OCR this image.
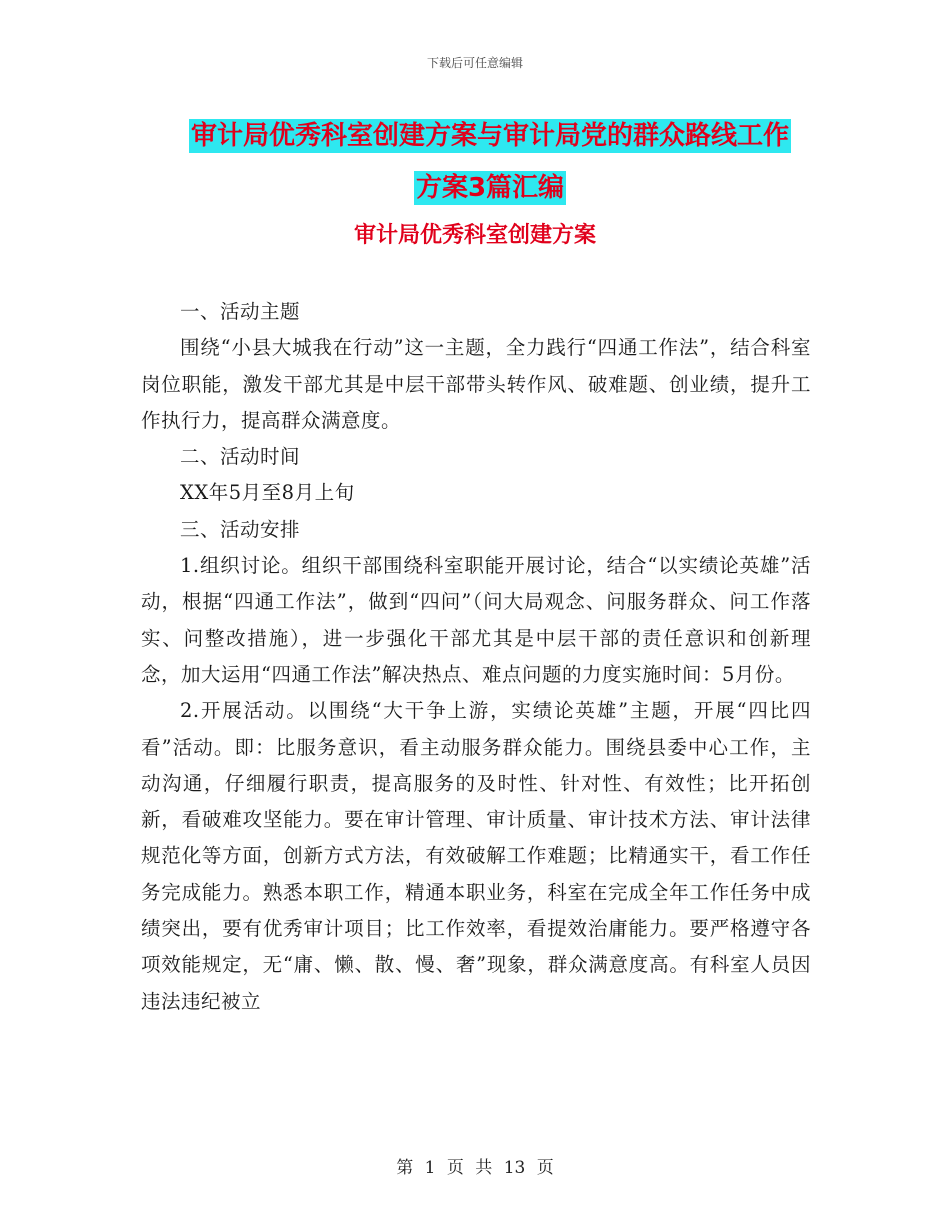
下载后可任意编辑
审计局优秀科室创建方案与审计局党的群众路线工作
方案3篇汇编
审计局优秀科室创建方案

一、活动主题

围绕“小县大城我在行动”这一主题，全力践行“四通工作法”，结合科室岗位职能，激发干部尤其是中层干部带头转作风、破难题、创业绩，提升工作执行力，提高群众满意度。

二、活动时间

XX年5月至8月上旬

三、活动安排

1.组织讨论。组织干部围绕科室职能开展讨论，结合“以实绩论英雄”活动，根据“四通工作法”，做到“四问”（问大局观念、问服务群众、问工作落实、问整改措施），进一步强化干部尤其是中层干部的责任意识和创新理念，加大运用“四通工作法”解决热点、难点问题的力度实施时间：5月份。

2.开展活动。以围绕“大干争上游，实绩论英雄”主题，开展“四比四看”活动。即：比服务意识，看主动服务群众能力。围绕县委中心工作，主动沟通，仔细履行职责，提高服务的及时性、针对性、有效性；比开拓创新，看破难攻坚能力。要在审计管理、审计质量、审计技术方法、审计法律规范化等方面，创新方式方法，有效破解工作难题；比精通实干，看工作任务完成能力。熟悉本职工作，精通本职业务，科室在完成全年工作任务中成绩突出，要有优秀审计项目；比工作效率，看提效治庸能力。要严格遵守各项效能规定，无“庸、懒、散、慢、奢”现象，群众满意度高。有科室人员因违法违纪被立

第 1 页 共 13 页
